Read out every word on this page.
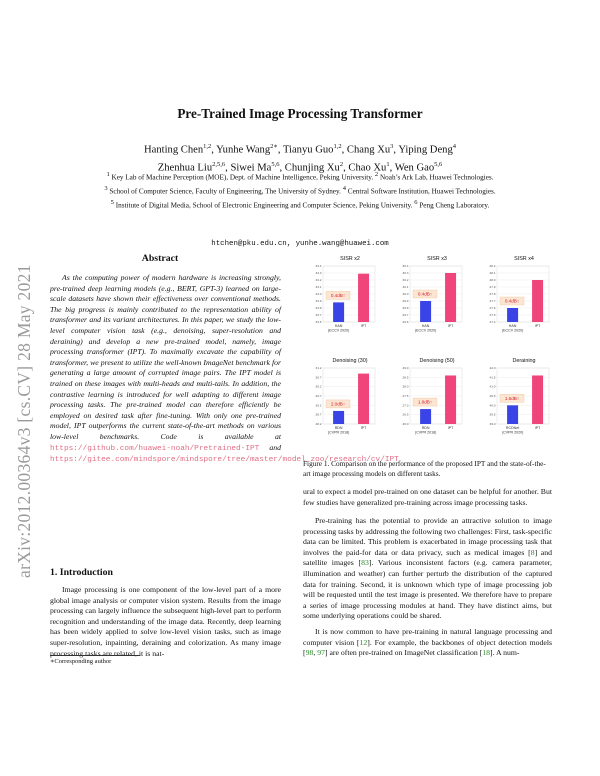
arXiv:2012.00364v3 [cs.CV] 28 May 2021
Pre-Trained Image Processing Transformer
Hanting Chen$^{1,2}$, Yunhe Wang$^{2∗}$, Tianyu Guo$^{1,2}$, Chang Xu$^3$, Yiping Deng$^4$
Zhenhua Liu$^{2,5,6}$, Siwei Ma$^{5,6}$, Chunjing Xu$^2$, Chao Xu$^1$, Wen Gao$^{5,6}$
$^1$ Key Lab of Machine Perception (MOE), Dept. of Machine Intelligence, Peking University. $^2$ Noah’s Ark Lab, Huawei Technologies.
$^3$ School of Computer Science, Faculty of Engineering, The University of Sydney. $^4$ Central Software Institution, Huawei Technologies.
$^5$ Institute of Digital Media, School of Electronic Engineering and Computer Science, Peking University. $^6$ Peng Cheng Laboratory.
htchen@pku.edu.cn, yunhe.wang@huawei.com
Abstract
As the computing power of modern hardware is increasing strongly, pre-trained deep learning models (e.g., BERT, GPT-3) learned on large-scale datasets have shown their effectiveness over conventional methods. The big progress is mainly contributed to the representation ability of transformer and its variant architectures. In this paper, we study the low-level computer vision task (e.g., denoising, super-resolution and deraining) and develop a new pre-trained model, namely, image processing transformer (IPT). To maximally excavate the capability of transformer, we present to utilize the well-known ImageNet benchmark for generating a large amount of corrupted image pairs. The IPT model is trained on these images with multi-heads and multi-tails. In addition, the contrastive learning is introduced for well adapting to different image processing tasks. The pre-trained model can therefore efficiently be employed on desired task after fine-tuning. With only one pre-trained model, IPT outperforms the current state-of-the-art methods on various low-level benchmarks. Code is available at https://github.com/huawei-noah/Pretrained-IPT and https://gitee.com/mindspore/mindspore/tree/master/model_zoo/research/cv/IPT
1. Introduction
Image processing is one component of the low-level part of a more global image analysis or computer vision system. Results from the image processing can largely influence the subsequent high-level part to perform recognition and understanding of the image data. Recently, deep learning has been widely applied to solve low-level vision tasks, such as image super-resolution, inpainting, deraining and colorization. As many image processing tasks are related, it is nat-
∗Corresponding author
SISR x2
33.6
33.7
33.8
33.9
34.0
34.1
34.2
34.3
34.4
HAN
(ECCV 2020)
IPT
0.4dB↑
SISR x3
29.6
29.7
29.8
29.9
30.0
30.1
30.2
30.3
30.4
HAN
(ECCV 2020)
IPT
0.4dB↑
SISR x4
27.4
27.5
27.6
27.7
27.8
27.9
28.0
28.1
28.2
HAN
(ECCV 2020)
IPT
0.4dB↑
Denoising (30)
28.2
28.7
29.2
29.7
30.2
30.7
31.2
RDN
(CVPR 2018)
IPT
2.0dB↑
Denoising (50)
26.0
26.5
27.0
27.5
28.0
28.5
29.0
RDN
(CVPR 2018)
IPT
1.8dB↑
Deraining
39.0
39.5
40.0
40.5
41.0
41.5
42.0
RCDNet
(CVPR 2020)
IPT
1.6dB↑
Figure 1. Comparison on the performance of the proposed IPT and the state-of-the-art image processing models on different tasks.
ural to expect a model pre-trained on one dataset can be helpful for another. But few studies have generalized pre-training across image processing tasks.
Pre-training has the potential to provide an attractive solution to image processing tasks by addressing the following two challenges: First, task-specific data can be limited. This problem is exacerbated in image processing task that involves the paid-for data or data privacy, such as medical images [8] and satellite images [83]. Various inconsistent factors (e.g. camera parameter, illumination and weather) can further perturb the distribution of the captured data for training. Second, it is unknown which type of image processing job will be requested until the test image is presented. We therefore have to prepare a series of image processing modules at hand. They have distinct aims, but some underlying operations could be shared.
It is now common to have pre-training in natural language processing and computer vision [12]. For example, the backbones of object detection models [98, 97] are often pre-trained on ImageNet classification [18]. A num-
